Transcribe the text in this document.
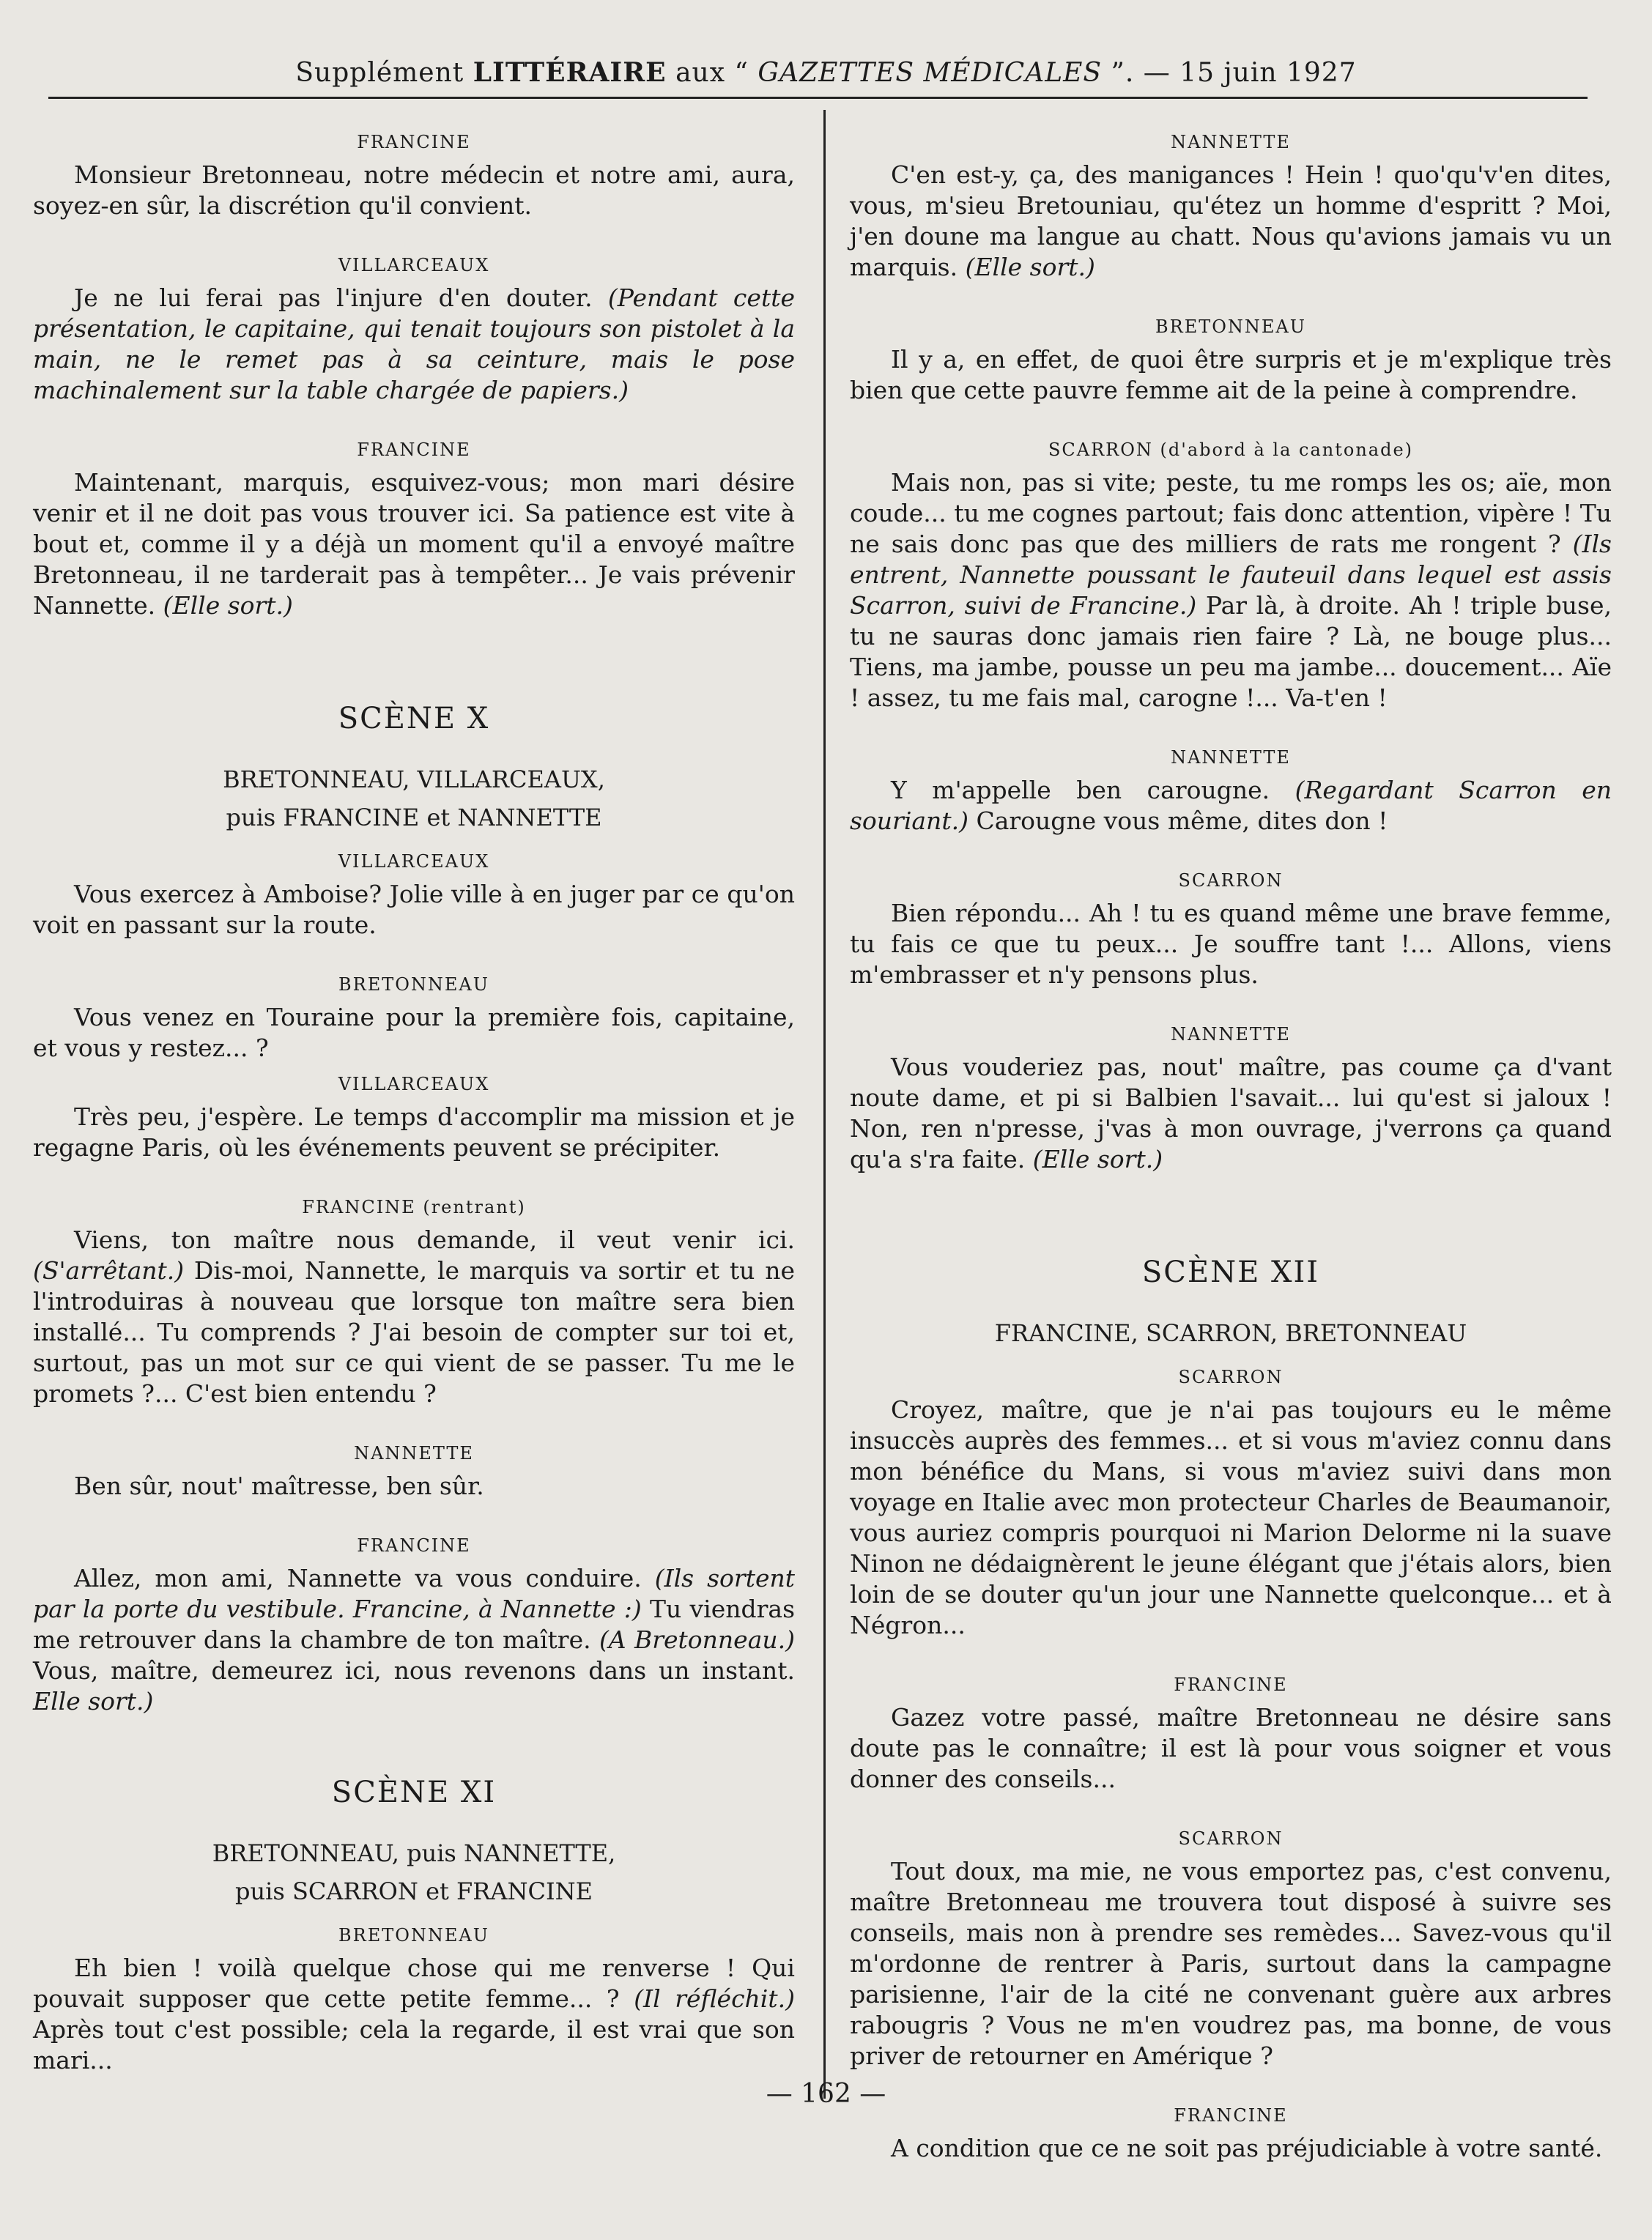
Supplément LITTÉRAIRE aux “ GAZETTES MÉDICALES ”. — 15 juin 1927
FRANCINE

Monsieur Bretonneau, notre médecin et notre ami, aura, soyez-en sûr, la discrétion qu'il convient.

VILLARCEAUX

Je ne lui ferai pas l'injure d'en douter. (Pendant cette présentation, le capitaine, qui tenait toujours son pistolet à la main, ne le remet pas à sa ceinture, mais le pose machinalement sur la table chargée de papiers.)

FRANCINE

Maintenant, marquis, esquivez-vous; mon mari désire venir et il ne doit pas vous trouver ici. Sa patience est vite à bout et, comme il y a déjà un moment qu'il a envoyé maître Bretonneau, il ne tarderait pas à tempêter... Je vais prévenir Nannette. (Elle sort.)

SCÈNE X
BRETONNEAU, VILLARCEAUX,
puis FRANCINE et NANNETTE
VILLARCEAUX

Vous exercez à Amboise? Jolie ville à en juger par ce qu'on voit en passant sur la route.

BRETONNEAU

Vous venez en Touraine pour la première fois, capitaine, et vous y restez... ?

VILLARCEAUX

Très peu, j'espère. Le temps d'accomplir ma mission et je regagne Paris, où les événements peuvent se précipiter.

FRANCINE (rentrant)

Viens, ton maître nous demande, il veut venir ici. (S'arrêtant.) Dis-moi, Nannette, le marquis va sortir et tu ne l'introduiras à nouveau que lorsque ton maître sera bien installé... Tu comprends ? J'ai besoin de compter sur toi et, surtout, pas un mot sur ce qui vient de se passer. Tu me le promets ?... C'est bien entendu ?

NANNETTE

Ben sûr, nout' maîtresse, ben sûr.

FRANCINE

Allez, mon ami, Nannette va vous conduire. (Ils sortent par la porte du vestibule. Francine, à Nannette :) Tu viendras me retrouver dans la chambre de ton maître. (A Bretonneau.) Vous, maître, demeurez ici, nous revenons dans un instant. Elle sort.)

SCÈNE XI
BRETONNEAU, puis NANNETTE,
puis SCARRON et FRANCINE
BRETONNEAU

Eh bien ! voilà quelque chose qui me renverse ! Qui pouvait supposer que cette petite femme... ? (Il réfléchit.) Après tout c'est possible; cela la regarde, il est vrai que son mari...

NANNETTE

C'en est-y, ça, des manigances ! Hein ! quo'qu'v'en dites, vous, m'sieu Bretouniau, qu'étez un homme d'espritt ? Moi, j'en doune ma langue au chatt. Nous qu'avions jamais vu un marquis. (Elle sort.)

BRETONNEAU

Il y a, en effet, de quoi être surpris et je m'explique très bien que cette pauvre femme ait de la peine à comprendre.

SCARRON (d'abord à la cantonade)

Mais non, pas si vite; peste, tu me romps les os; aïe, mon coude... tu me cognes partout; fais donc attention, vipère ! Tu ne sais donc pas que des milliers de rats me rongent ? (Ils entrent, Nannette poussant le fauteuil dans lequel est assis Scarron, suivi de Francine.) Par là, à droite. Ah ! triple buse, tu ne sauras donc jamais rien faire ? Là, ne bouge plus... Tiens, ma jambe, pousse un peu ma jambe... doucement... Aïe ! assez, tu me fais mal, carogne !... Va-t'en !

NANNETTE

Y m'appelle ben carougne. (Regardant Scarron en souriant.) Carougne vous même, dites don !

SCARRON

Bien répondu... Ah ! tu es quand même une brave femme, tu fais ce que tu peux... Je souffre tant !... Allons, viens m'embrasser et n'y pensons plus.

NANNETTE

Vous vouderiez pas, nout' maître, pas coume ça d'vant noute dame, et pi si Balbien l'savait... lui qu'est si jaloux ! Non, ren n'presse, j'vas à mon ouvrage, j'verrons ça quand qu'a s'ra faite. (Elle sort.)

SCÈNE XII
FRANCINE, SCARRON, BRETONNEAU
SCARRON

Croyez, maître, que je n'ai pas toujours eu le même insuccès auprès des femmes... et si vous m'aviez connu dans mon bénéfice du Mans, si vous m'aviez suivi dans mon voyage en Italie avec mon protecteur Charles de Beaumanoir, vous auriez compris pourquoi ni Marion Delorme ni la suave Ninon ne dédaignèrent le jeune élégant que j'étais alors, bien loin de se douter qu'un jour une Nannette quelconque... et à Négron...

FRANCINE

Gazez votre passé, maître Bretonneau ne désire sans doute pas le connaître; il est là pour vous soigner et vous donner des conseils...

SCARRON

Tout doux, ma mie, ne vous emportez pas, c'est convenu, maître Bretonneau me trouvera tout disposé à suivre ses conseils, mais non à prendre ses remèdes... Savez-vous qu'il m'ordonne de rentrer à Paris, surtout dans la campagne parisienne, l'air de la cité ne convenant guère aux arbres rabougris ? Vous ne m'en voudrez pas, ma bonne, de vous priver de retourner en Amérique ?

FRANCINE

A condition que ce ne soit pas préjudiciable à votre santé.

— 162 —
